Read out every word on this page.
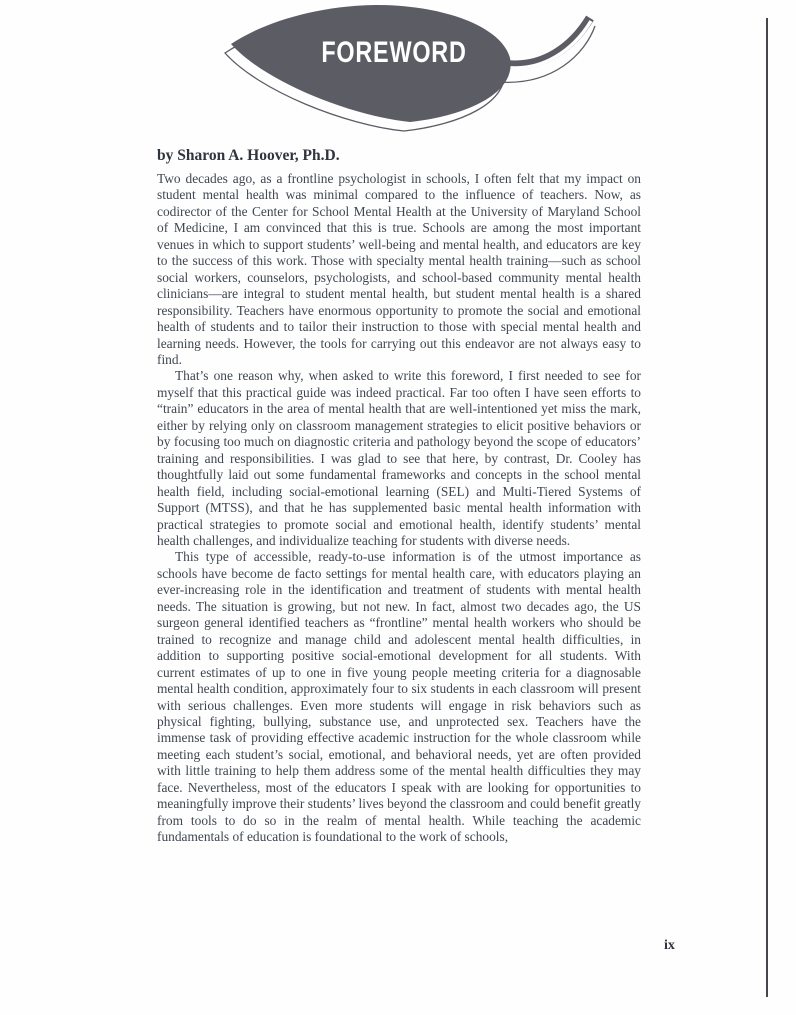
FOREWORD
by Sharon A. Hoover, Ph.D.

Two decades ago, as a frontline psychologist in schools, I often felt that my impact on student mental health was minimal compared to the influence of teachers. Now, as codirector of the Center for School Mental Health at the University of Maryland School of Medicine, I am convinced that this is true. Schools are among the most important venues in which to support students’ well-being and mental health, and educators are key to the success of this work. Those with specialty mental health training—such as school social workers, counselors, psychologists, and school-based community mental health clinicians—are integral to student mental health, but student mental health is a shared responsibility. Teachers have enormous opportunity to promote the social and emotional health of students and to tailor their instruction to those with special mental health and learning needs. However, the tools for carrying out this endeavor are not always easy to find.

That’s one reason why, when asked to write this foreword, I first needed to see for myself that this practical guide was indeed practical. Far too often I have seen efforts to “train” educators in the area of mental health that are well-intentioned yet miss the mark, either by relying only on classroom management strategies to elicit positive behaviors or by focusing too much on diagnostic criteria and pathology beyond the scope of educators’ training and responsibilities. I was glad to see that here, by contrast, Dr. Cooley has thoughtfully laid out some fundamental frameworks and concepts in the school mental health field, including social-emotional learning (SEL) and Multi-Tiered Systems of Support (MTSS), and that he has supplemented basic mental health information with practical strategies to promote social and emotional health, identify students’ mental health challenges, and individualize teaching for students with diverse needs.

This type of accessible, ready-to-use information is of the utmost importance as schools have become de facto settings for mental health care, with educators playing an ever-increasing role in the identification and treatment of students with mental health needs. The situation is growing, but not new. In fact, almost two decades ago, the US surgeon general identified teachers as “frontline” mental health workers who should be trained to recognize and manage child and adolescent mental health difficulties, in addition to supporting positive social-emotional development for all students. With current estimates of up to one in five young people meeting criteria for a diagnosable mental health condition, approximately four to six students in each classroom will present with serious challenges. Even more students will engage in risk behaviors such as physical fighting, bullying, substance use, and unprotected sex. Teachers have the immense task of providing effective academic instruction for the whole classroom while meeting each student’s social, emotional, and behavioral needs, yet are often provided with little training to help them address some of the mental health difficulties they may face. Nevertheless, most of the educators I speak with are looking for opportunities to meaningfully improve their students’ lives beyond the classroom and could benefit greatly from tools to do so in the realm of mental health. While teaching the academic fundamentals of education is foundational to the work of schools,

ix
